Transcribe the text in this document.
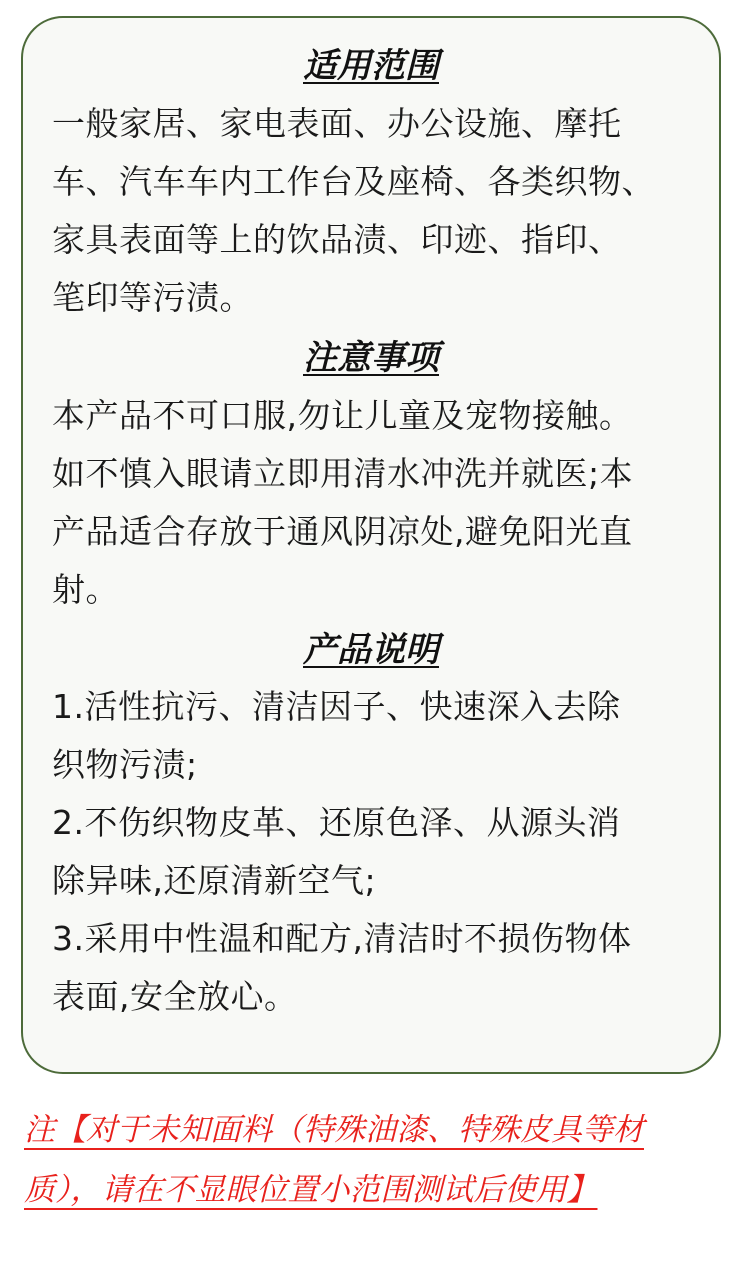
适用范围

一般家居、家电表面、办公设施、摩托
车、汽车车内工作台及座椅、各类织物、
家具表面等上的饮品渍、印迹、指印、
笔印等污渍。

注意事项

本产品不可口服,勿让儿童及宠物接触。
如不慎入眼请立即用清水冲洗并就医;本
产品适合存放于通风阴凉处,避免阳光直
射。

产品说明

1.活性抗污、清洁因子、快速深入去除
织物污渍;
2.不伤织物皮革、还原色泽、从源头消
除异味,还原清新空气;
3.采用中性温和配方,清洁时不损伤物体
表面,安全放心。

注【对于未知面料（特殊油漆、特殊皮具等材
质），请在不显眼位置小范围测试后使用】
